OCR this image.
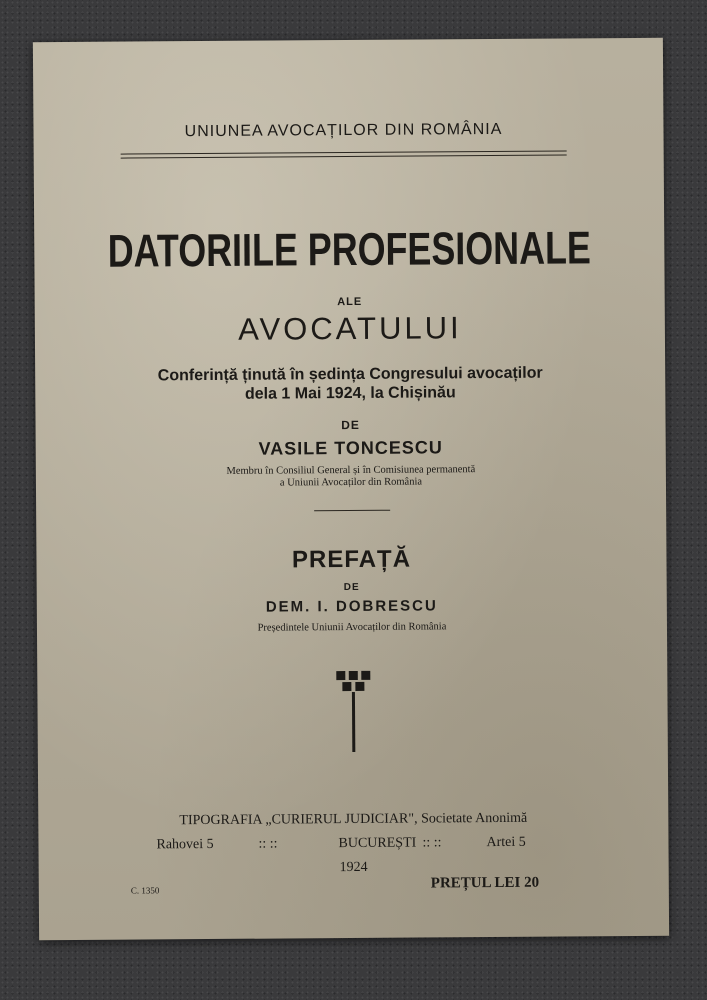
UNIUNEA AVOCAȚILOR DIN ROMÂNIA
DATORIILE PROFESIONALE
ALE
AVOCATULUI
Conferință ținută în ședința Congresului avocaților
dela 1 Mai 1924, la Chișinău
DE
VASILE TONCESCU
Membru în Consiliul General și în Comisiunea permanentă
a Uniunii Avocaților din România
PREFAȚĂ
DE
DEM. I. DOBRESCU
Președintele Uniunii Avocaților din România
TIPOGRAFIA „CURIERUL JUDICIAR", Societate Anonimă
Rahovei 5	:: ::	BUCUREȘTI :: ::	Artei 5
1924
C. 1350	PREȚUL LEI 20
